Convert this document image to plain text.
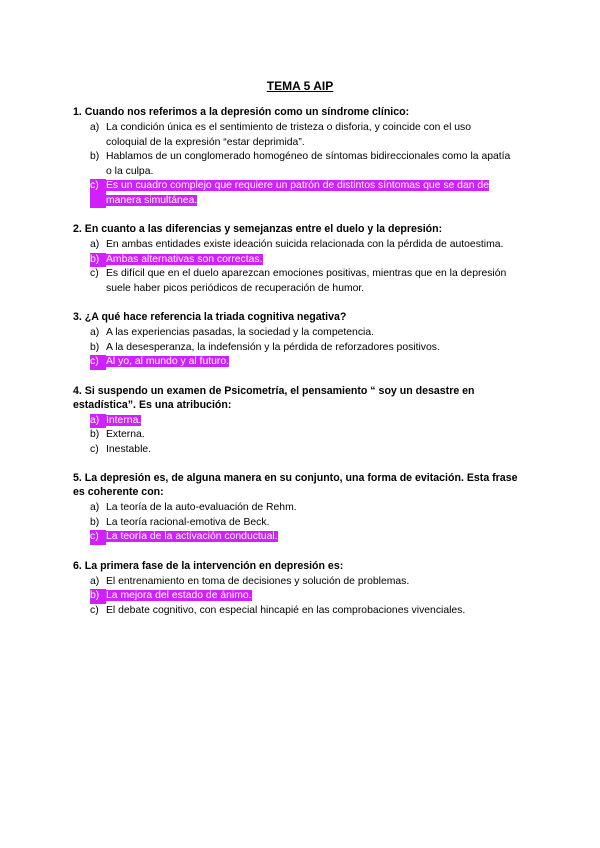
TEMA 5 AIP
1. Cuando nos referimos a la depresión como un síndrome clínico:
a) La condición única es el sentimiento de tristeza o disforia, y coincide con el uso coloquial de la expresión “estar deprimida”.
b) Hablamos de un conglomerado homogéneo de síntomas bidireccionales como la apatía o la culpa.
c) Es un cuadro complejo que requiere un patrón de distintos síntomas que se dan de manera simultánea.
2. En cuanto a las diferencias y semejanzas entre el duelo y la depresión:
a) En ambas entidades existe ideación suicida relacionada con la pérdida de autoestima.
b) Ambas alternativas son correctas.
c) Es difícil que en el duelo aparezcan emociones positivas, mientras que en la depresión suele haber picos periódicos de recuperación de humor.
3. ¿A qué hace referencia la triada cognitiva negativa?
a) A las experiencias pasadas, la sociedad y la competencia.
b) A la desesperanza, la indefensión y la pérdida de reforzadores positivos.
c) Al yo, al mundo y al futuro.
4. Si suspendo un examen de Psicometría, el pensamiento “ soy un desastre en estadística”. Es una atribución:
a) Interna.
b) Externa.
c) Inestable.
5. La depresión es, de alguna manera en su conjunto, una forma de evitación. Esta frase es coherente con:
a) La teoría de la auto-evaluación de Rehm.
b) La teoría racional-emotiva de Beck.
c) La teoría de la activación conductual.
6. La primera fase de la intervención en depresión es:
a) El entrenamiento en toma de decisiones y solución de problemas.
b) La mejora del estado de ánimo.
c) El debate cognitivo, con especial hincapié en las comprobaciones vivenciales.
